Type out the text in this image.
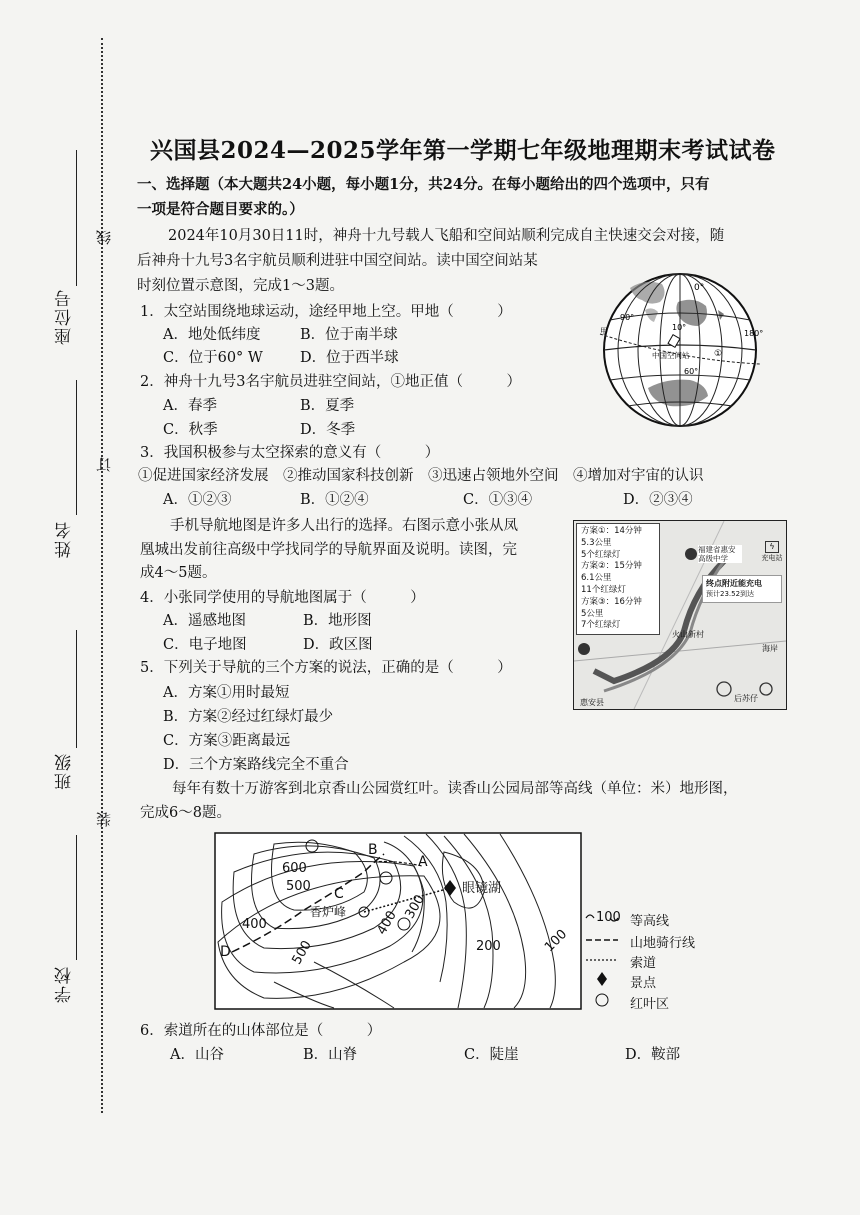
座位号
姓名
班级
学校
线
订
装
兴国县2024—2025学年第一学期七年级地理期末考试试卷
一、选择题（本大题共24小题，每小题1分，共24分。在每小题给出的四个选项中，只有
一项是符合题目要求的。）
2024年10月30日11时，神舟十九号载人飞船和空间站顺利完成自主快速交会对接，随
后神舟十九号3名宇航员顺利进驻中国空间站。读中国空间站某
时刻位置示意图，完成1～3题。	0°
90°
10°
180°
中国空间站
甲
①
60°
1．太空站围绕地球运动，途经甲地上空。甲地（　　　）
A．地处低纬度	B．位于南半球
C．位于60° W	D．位于西半球
2．神舟十九号3名宇航员进驻空间站，①地正值（　　　）
A．春季	B．夏季
C．秋季	D．冬季
3．我国积极参与太空探索的意义有（　　　）
①促进国家经济发展　②推动国家科技创新　③迅速占领地外空间　④增加对宇宙的认识
A．①②③	B．①②④	C．①③④	D．②③④
手机导航地图是许多人出行的选择。右图示意小张从凤
凰城出发前往高级中学找同学的导航界面及说明。读图，完
成4～5题。
方案①：14分钟
5.3公里
5个红绿灯
方案②：15分钟
6.1公里
11个红绿灯
方案③：16分钟
5公里
7个红绿灯
福建省惠安高级中学
ϟ
充电站
终点附近能充电
预计23.52到达
火山新村
海岸
后苏仔
惠安县
4．小张同学使用的导航地图属于（　　　）
A．遥感地图	B．地形图
C．电子地图	D．政区图
5．下列关于导航的三个方案的说法，正确的是（　　　）
A．方案①用时最短
B．方案②经过红绿灯最少
C．方案③距离最远
D．三个方案路线完全不重合
每年有数十万游客到北京香山公园赏红叶。读香山公园局部等高线（单位：米）地形图，
完成6～8题。
600
500
400
500
400
300
200	100
A
B
C
D
香炉峰
眼镜湖
100 等高线
山地骑行线
索道
景点
红叶区
6．索道所在的山体部位是（　　　）
A．山谷	B．山脊	C．陡崖	D．鞍部
